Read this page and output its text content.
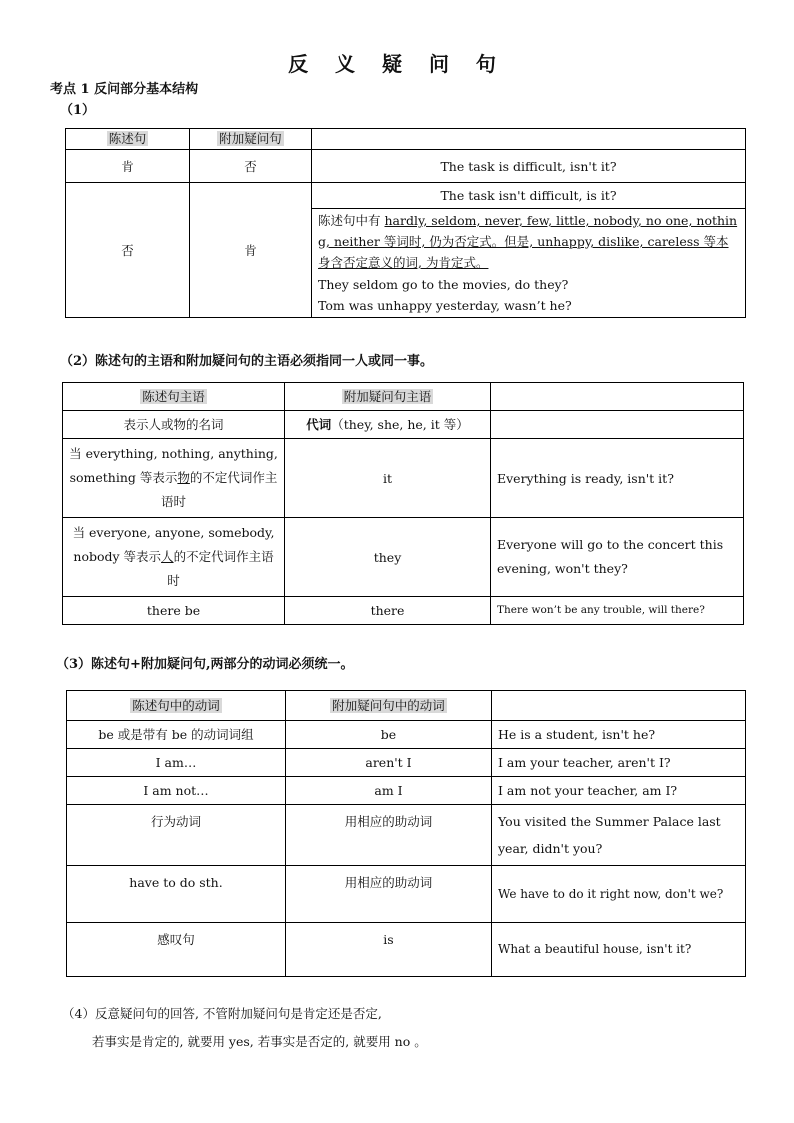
反 义 疑 问 句
考点 1 反问部分基本结构
（1）
陈述句	附加疑问句	
肯	否	The task is difficult, isn't it?
否	肯	The task isn't difficult, is it?
陈述句中有 hardly, seldom, never, few, little, nobody, no one, nothing, neither 等词时, 仍为否定式。但是, unhappy, dislike, careless 等本身含否定意义的词, 为肯定式。
They seldom go to the movies, do they?
Tom was unhappy yesterday, wasn’t he?
（2）陈述句的主语和附加疑问句的主语必须指同一人或同一事。
陈述句主语	附加疑问句主语	
表示人或物的名词	代词（they, she, he, it 等）	
当 everything, nothing, anything, something 等表示物的不定代词作主语时	it	Everything is ready, isn't it?
当 everyone, anyone, somebody, nobody 等表示人的不定代词作主语时	they	Everyone will go to the concert this evening, won't they?
there be	there	There won’t be any trouble, will there?
（3）陈述句+附加疑问句,两部分的动词必须统一。
陈述句中的动词	附加疑问句中的动词	
be 或是带有 be 的动词词组	be	He is a student, isn't he?
I am…	aren't I	I am your teacher, aren't I?
I am not…	am I	I am not your teacher, am I?
行为动词	用相应的助动词	You visited the Summer Palace last year, didn't you?
have to do sth.	用相应的助动词	We have to do it right now, don't we?
感叹句	is	What a beautiful house, isn't it?
（4）反意疑问句的回答, 不管附加疑问句是肯定还是否定,
若事实是肯定的, 就要用 yes, 若事实是否定的, 就要用 no 。
